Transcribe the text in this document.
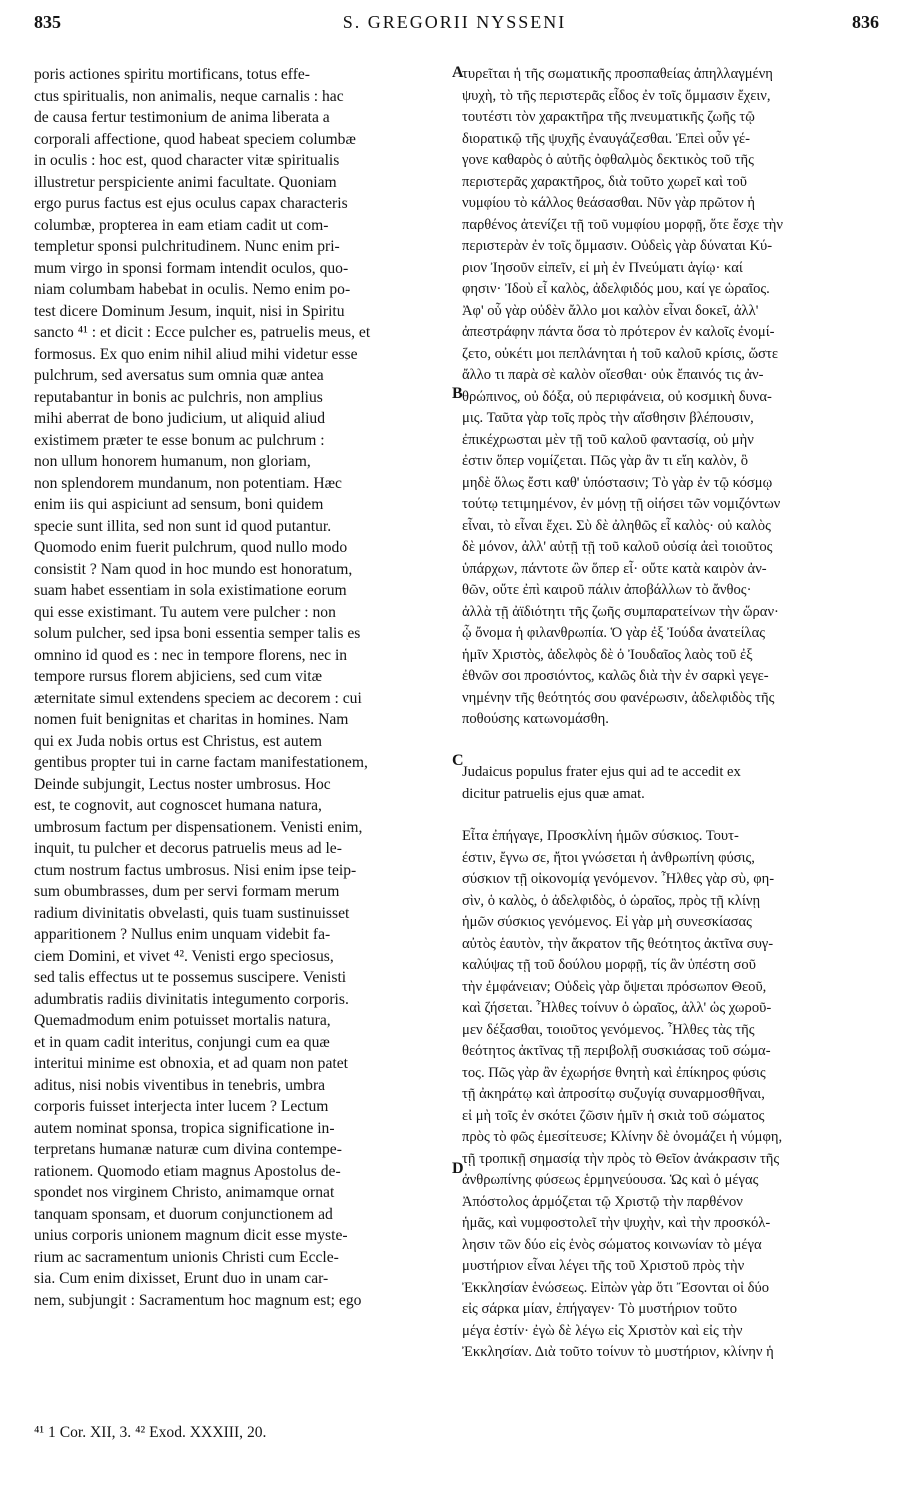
835	S. GREGORII NYSSENI	836
A
B
C
D
poris actiones spiritu mortificans, totus effe-
ctus spiritualis, non animalis, neque carnalis : hac
de causa fertur testimonium de anima liberata a
corporali affectione, quod habeat speciem columbæ
in oculis : hoc est, quod character vitæ spiritualis
illustretur perspiciente animi facultate. Quoniam
ergo purus factus est ejus oculus capax characteris
columbæ, propterea in eam etiam cadit ut com-
templetur sponsi pulchritudinem. Nunc enim pri-
mum virgo in sponsi formam intendit oculos, quo-
niam columbam habebat in oculis. Nemo enim po-
test dicere Dominum Jesum, inquit, nisi in Spiritu
sancto ⁴¹ : et dicit : Ecce pulcher es, patruelis meus, et
formosus. Ex quo enim nihil aliud mihi videtur esse
pulchrum, sed aversatus sum omnia quæ antea
reputabantur in bonis ac pulchris, non amplius
mihi aberrat de bono judicium, ut aliquid aliud
existimem præter te esse bonum ac pulchrum :
non ullum honorem humanum, non gloriam,
non splendorem mundanum, non potentiam. Hæc
enim iis qui aspiciunt ad sensum, boni quidem
specie sunt illita, sed non sunt id quod putantur.
Quomodo enim fuerit pulchrum, quod nullo modo
consistit ? Nam quod in hoc mundo est honoratum,
suam habet essentiam in sola existimatione eorum
qui esse existimant. Tu autem vere pulcher : non
solum pulcher, sed ipsa boni essentia semper talis es
omnino id quod es : nec in tempore florens, nec in
tempore rursus florem abjiciens, sed cum vitæ
æternitate simul extendens speciem ac decorem : cui
nomen fuit benignitas et charitas in homines. Nam
qui ex Juda nobis ortus est Christus, est autem
gentibus propter tui in carne factam manifestationem,
Deinde subjungit, Lectus noster umbrosus. Hoc
est, te cognovit, aut cognoscet humana natura,
umbrosum factum per dispensationem. Venisti enim,
inquit, tu pulcher et decorus patruelis meus ad le-
ctum nostrum factus umbrosus. Nisi enim ipse teip-
sum obumbrasses, dum per servi formam merum
radium divinitatis obvelasti, quis tuam sustinuisset
apparitionem ? Nullus enim unquam videbit fa-
ciem Domini, et vivet ⁴². Venisti ergo speciosus,
sed talis effectus ut te possemus suscipere. Venisti
adumbratis radiis divinitatis integumento corporis.
Quemadmodum enim potuisset mortalis natura,
et in quam cadit interitus, conjungi cum ea quæ
interitui minime est obnoxia, et ad quam non patet
aditus, nisi nobis viventibus in tenebris, umbra
corporis fuisset interjecta inter lucem ? Lectum
autem nominat sponsa, tropica significatione in-
terpretans humanæ naturæ cum divina contempe-
rationem. Quomodo etiam magnus Apostolus de-
spondet nos virginem Christo, animamque ornat
tanquam sponsam, et duorum conjunctionem ad
unius corporis unionem magnum dicit esse myste-
rium ac sacramentum unionis Christi cum Eccle-
sia. Cum enim dixisset, Erunt duo in unam car-
nem, subjungit : Sacramentum hoc magnum est; ego
τυρεῖται ἡ τῆς σωματικῆς προσπαθείας ἀπηλλαγμένη
ψυχὴ, τὸ τῆς περιστερᾶς εἶδος ἐν τοῖς ὄμμασιν ἔχειν,
τουτέστι τὸν χαρακτῆρα τῆς πνευματικῆς ζωῆς τῷ
διορατικῷ τῆς ψυχῆς ἐναυγάζεσθαι. Ἐπεὶ οὖν γέ-
γονε καθαρὸς ὁ αὐτῆς ὀφθαλμὸς δεκτικὸς τοῦ τῆς
περιστερᾶς χαρακτῆρος, διὰ τοῦτο χωρεῖ καὶ τοῦ
νυμφίου τὸ κάλλος θεάσασθαι. Νῦν γὰρ πρῶτον ἡ
παρθένος ἀτενίζει τῇ τοῦ νυμφίου μορφῇ, ὅτε ἔσχε τὴν
περιστερὰν ἐν τοῖς ὄμμασιν. Οὐδεὶς γὰρ δύναται Κύ-
ριον Ἰησοῦν εἰπεῖν, εἰ μὴ ἐν Πνεύματι ἁγίῳ· καί
φησιν· Ἰδοὺ εἶ καλὸς, ἀδελφιδός μου, καί γε ὡραῖος.
Ἀφ' οὗ γὰρ οὐδὲν ἄλλο μοι καλὸν εἶναι δοκεῖ, ἀλλ'
ἀπεστράφην πάντα ὅσα τὸ πρότερον ἐν καλοῖς ἐνομί-
ζετο, οὐκέτι μοι πεπλάνηται ἡ τοῦ καλοῦ κρίσις, ὥστε
ἄλλο τι παρὰ σὲ καλὸν οἴεσθαι· οὐκ ἔπαινός τις ἀν-
θρώπινος, οὐ δόξα, οὐ περιφάνεια, οὐ κοσμικὴ δυνα-
μις. Ταῦτα γὰρ τοῖς πρὸς τὴν αἴσθησιν βλέπουσιν,
ἐπικέχρωσται μὲν τῇ τοῦ καλοῦ φαντασίᾳ, οὐ μὴν
ἐστιν ὅπερ νομίζεται. Πῶς γὰρ ἂν τι εἴη καλὸν, ὃ
μηδὲ ὅλως ἔστι καθ' ὑπόστασιν; Τὸ γὰρ ἐν τῷ κόσμῳ
τούτῳ τετιμημένον, ἐν μόνῃ τῇ οἰήσει τῶν νομιζόντων
εἶναι, τὸ εἶναι ἔχει. Σὺ δὲ ἀληθῶς εἶ καλὸς· οὐ καλὸς
δὲ μόνον, ἀλλ' αὐτῇ τῇ τοῦ καλοῦ οὐσίᾳ ἀεὶ τοιοῦτος
ὑπάρχων, πάντοτε ὢν ὅπερ εἶ· οὔτε κατὰ καιρὸν ἀν-
θῶν, οὔτε ἐπὶ καιροῦ πάλιν ἀποβάλλων τὸ ἄνθος·
ἀλλὰ τῇ ἀϊδιότητι τῆς ζωῆς συμπαρατείνων τὴν ὥραν·
ᾧ ὄνομα ἡ φιλανθρωπία. Ὁ γὰρ ἐξ Ἰούδα ἀνατείλας
ἡμῖν Χριστὸς, ἀδελφὸς δὲ ὁ Ἰουδαῖος λαὸς τοῦ ἐξ
ἐθνῶν σοι προσιόντος, καλῶς διὰ τὴν ἐν σαρκὶ γεγε-
νημένην τῆς θεότητός σου φανέρωσιν, ἀδελφιδὸς τῆς
ποθούσης κατωνομάσθη.
Judaicus populus frater ejus qui ad te accedit ex
dicitur patruelis ejus quæ amat.
Εἶτα ἐπήγαγε, Προσκλίνη ἡμῶν σύσκιος. Τουτ-
έστιν, ἔγνω σε, ἤτοι γνώσεται ἡ ἀνθρωπίνη φύσις,
σύσκιον τῇ οἰκονομίᾳ γενόμενον. Ἦλθες γὰρ σὺ, φη-
σὶν, ὁ καλὸς, ὁ ἀδελφιδὸς, ὁ ὡραῖος, πρὸς τῇ κλίνῃ
ἡμῶν σύσκιος γενόμενος. Εἰ γὰρ μὴ συνεσκίασας
αὐτὸς ἑαυτὸν, τὴν ἄκρατον τῆς θεότητος ἀκτῖνα συγ-
καλύψας τῇ τοῦ δούλου μορφῇ, τίς ἂν ὑπέστη σοῦ
τὴν ἐμφάνειαν; Οὐδεὶς γὰρ ὄψεται πρόσωπον Θεοῦ,
καὶ ζήσεται. Ἦλθες τοίνυν ὁ ὡραῖος, ἀλλ' ὡς χωροῦ-
μεν δέξασθαι, τοιοῦτος γενόμενος. Ἦλθες τὰς τῆς
θεότητος ἀκτῖνας τῇ περιβολῇ συσκιάσας τοῦ σώμα-
τος. Πῶς γὰρ ἂν ἐχωρήσε θνητὴ καὶ ἐπίκηρος φύσις
τῇ ἀκηράτῳ καὶ ἀπροσίτῳ συζυγίᾳ συναρμοσθῆναι,
εἰ μὴ τοῖς ἐν σκότει ζῶσιν ἡμῖν ἡ σκιὰ τοῦ σώματος
πρὸς τὸ φῶς ἐμεσίτευσε; Κλίνην δὲ ὀνομάζει ἡ νύμφη,
τῇ τροπικῇ σημασίᾳ τὴν πρὸς τὸ Θεῖον ἀνάκρασιν τῆς
ἀνθρωπίνης φύσεως ἑρμηνεύουσα. Ὡς καὶ ὁ μέγας
Ἀπόστολος ἁρμόζεται τῷ Χριστῷ τὴν παρθένον
ἡμᾶς, καὶ νυμφοστολεῖ τὴν ψυχὴν, καὶ τὴν προσκόλ-
λησιν τῶν δύο εἰς ἑνὸς σώματος κοινωνίαν τὸ μέγα
μυστήριον εἶναι λέγει τῆς τοῦ Χριστοῦ πρὸς τὴν
Ἐκκλησίαν ἑνώσεως. Εἰπὼν γὰρ ὅτι Ἔσονται οἱ δύο
εἰς σάρκα μίαν, ἐπήγαγεν· Τὸ μυστήριον τοῦτο
μέγα ἐστίν· ἐγὼ δὲ λέγω εἰς Χριστὸν καὶ εἰς τὴν
Ἐκκλησίαν. Διὰ τοῦτο τοίνυν τὸ μυστήριον, κλίνην ἡ
⁴¹ 1 Cor. XII, 3. ⁴² Exod. XXXIII, 20.
